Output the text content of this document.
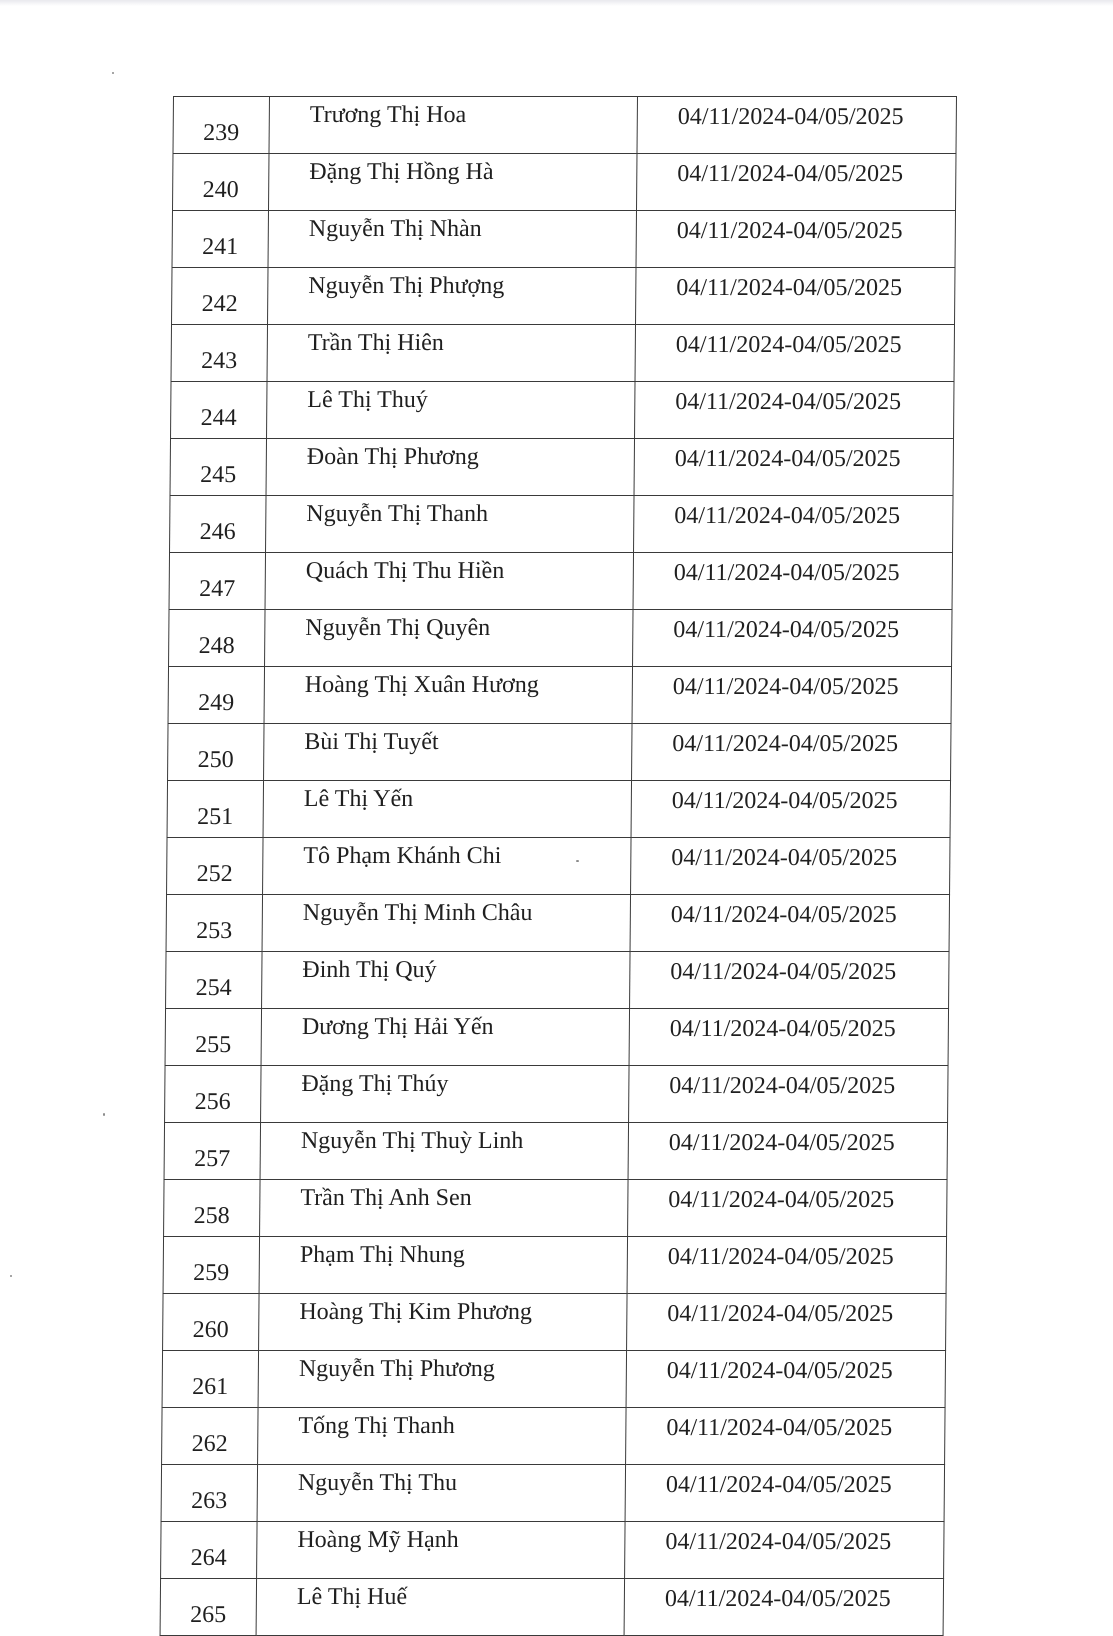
239	Trương Thị Hoa	04/11/2024-04/05/2025
240	Đặng Thị Hồng Hà	04/11/2024-04/05/2025
241	Nguyễn Thị Nhàn	04/11/2024-04/05/2025
242	Nguyễn Thị Phượng	04/11/2024-04/05/2025
243	Trần Thị Hiên	04/11/2024-04/05/2025
244	Lê Thị Thuý	04/11/2024-04/05/2025
245	Đoàn Thị Phương	04/11/2024-04/05/2025
246	Nguyễn Thị Thanh	04/11/2024-04/05/2025
247	Quách Thị Thu Hiền	04/11/2024-04/05/2025
248	Nguyễn Thị Quyên	04/11/2024-04/05/2025
249	Hoàng Thị Xuân Hương	04/11/2024-04/05/2025
250	Bùi Thị Tuyết	04/11/2024-04/05/2025
251	Lê Thị Yến	04/11/2024-04/05/2025
252	Tô Phạm Khánh Chi	04/11/2024-04/05/2025
253	Nguyễn Thị Minh Châu	04/11/2024-04/05/2025
254	Đinh Thị Quý	04/11/2024-04/05/2025
255	Dương Thị Hải Yến	04/11/2024-04/05/2025
256	Đặng Thị Thúy	04/11/2024-04/05/2025
257	Nguyễn Thị Thuỳ Linh	04/11/2024-04/05/2025
258	Trần Thị Anh Sen	04/11/2024-04/05/2025
259	Phạm Thị Nhung	04/11/2024-04/05/2025
260	Hoàng Thị Kim Phương	04/11/2024-04/05/2025
261	Nguyễn Thị Phương	04/11/2024-04/05/2025
262	Tống Thị Thanh	04/11/2024-04/05/2025
263	Nguyễn Thị Thu	04/11/2024-04/05/2025
264	Hoàng Mỹ Hạnh	04/11/2024-04/05/2025
265	Lê Thị Huế	04/11/2024-04/05/2025
